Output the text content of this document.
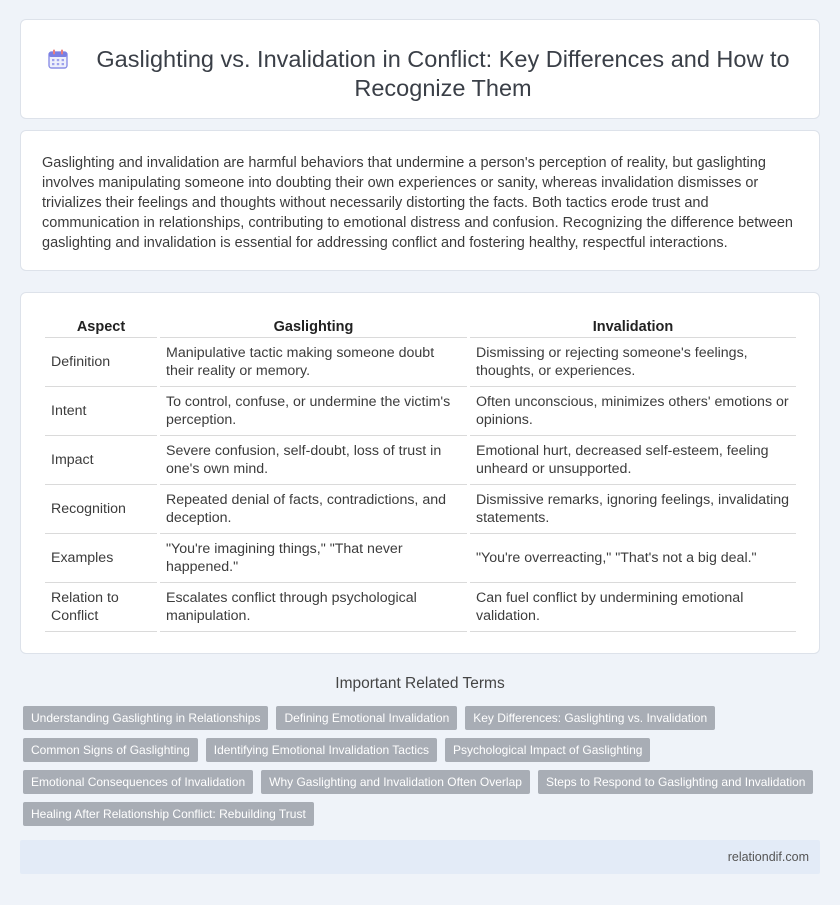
Gaslighting vs. Invalidation in Conflict: Key Differences and How to Recognize Them

Gaslighting and invalidation are harmful behaviors that undermine a person's perception of reality, but gaslighting involves manipulating someone into doubting their own experiences or sanity, whereas invalidation dismisses or trivializes their feelings and thoughts without necessarily distorting the facts. Both tactics erode trust and communication in relationships, contributing to emotional distress and confusion. Recognizing the difference between gaslighting and invalidation is essential for addressing conflict and fostering healthy, respectful interactions.

Aspect	Gaslighting	Invalidation
Definition	Manipulative tactic making someone doubt their reality or memory.	Dismissing or rejecting someone's feelings, thoughts, or experiences.
Intent	To control, confuse, or undermine the victim's perception.	Often unconscious, minimizes others' emotions or opinions.
Impact	Severe confusion, self-doubt, loss of trust in one's own mind.	Emotional hurt, decreased self-esteem, feeling unheard or unsupported.
Recognition	Repeated denial of facts, contradictions, and deception.	Dismissive remarks, ignoring feelings, invalidating statements.
Examples	"You're imagining things," "That never happened."	"You're overreacting," "That's not a big deal."
Relation to Conflict	Escalates conflict through psychological manipulation.	Can fuel conflict by undermining emotional validation.
Important Related Terms
Understanding Gaslighting in Relationships	Defining Emotional Invalidation	Key Differences: Gaslighting vs. Invalidation
Common Signs of Gaslighting	Identifying Emotional Invalidation Tactics	Psychological Impact of Gaslighting
Emotional Consequences of Invalidation	Why Gaslighting and Invalidation Often Overlap	Steps to Respond to Gaslighting and Invalidation
Healing After Relationship Conflict: Rebuilding Trust
relationdif.com
